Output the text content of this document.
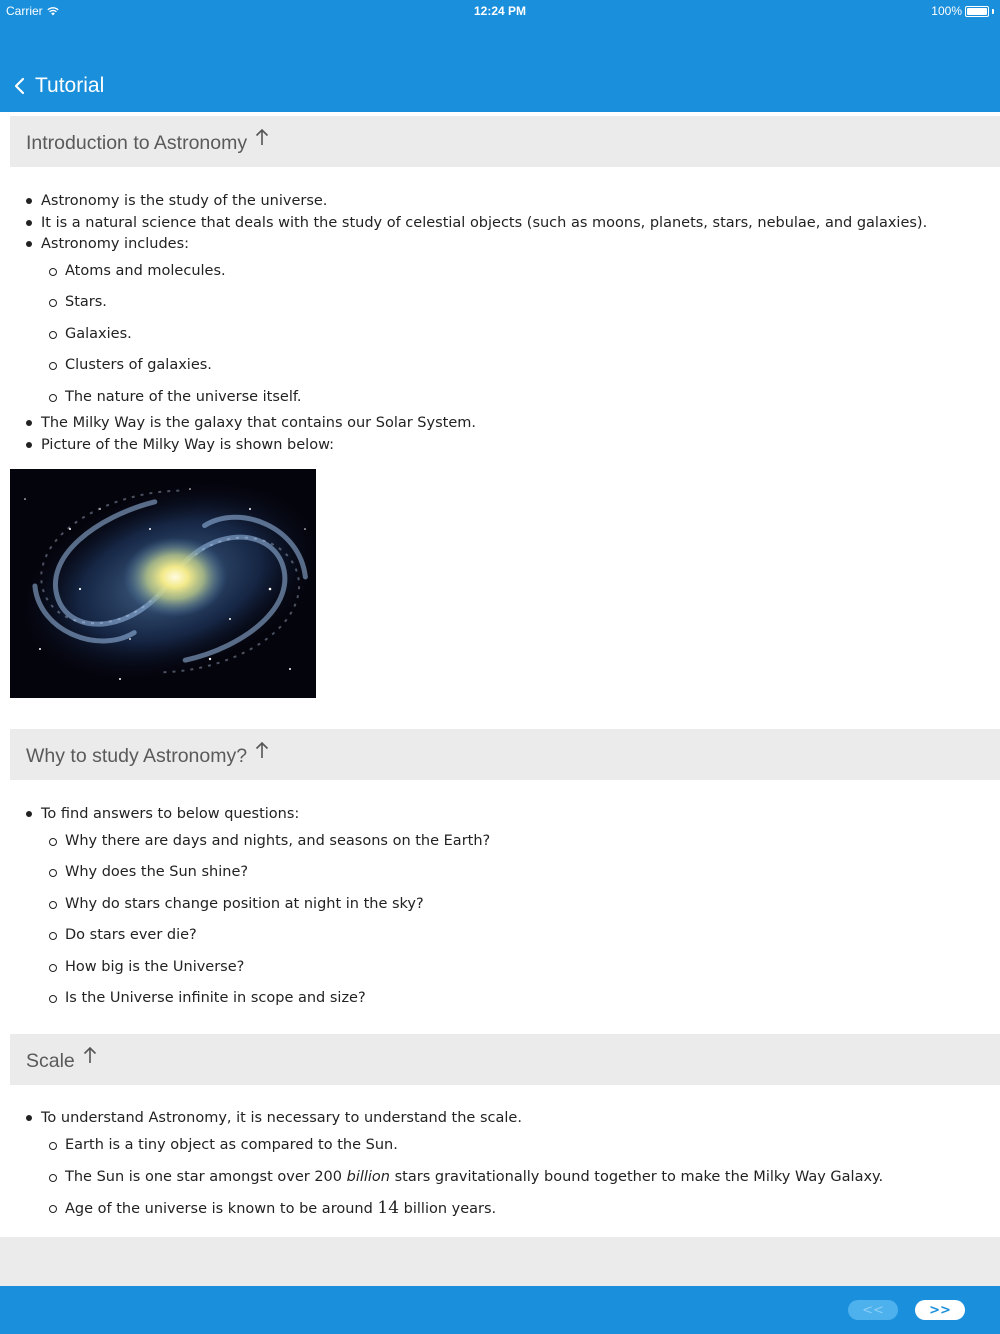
Carrier	12:24 PM	100%
Tutorial
Introduction to Astronomy
Astronomy is the study of the universe.
It is a natural science that deals with the study of celestial objects (such as moons, planets, stars, nebulae, and galaxies).
Astronomy includes:
Atoms and molecules.
Stars.
Galaxies.
Clusters of galaxies.
The nature of the universe itself.
The Milky Way is the galaxy that contains our Solar System.
Picture of the Milky Way is shown below:
Why to study Astronomy?
To find answers to below questions:
Why there are days and nights, and seasons on the Earth?
Why does the Sun shine?
Why do stars change position at night in the sky?
Do stars ever die?
How big is the Universe?
Is the Universe infinite in scope and size?
Scale
To understand Astronomy, it is necessary to understand the scale.
Earth is a tiny object as compared to the Sun.
The Sun is one star amongst over 200 billion stars gravitationally bound together to make the Milky Way Galaxy.
Age of the universe is known to be around 14 billion years.
<<	>>
